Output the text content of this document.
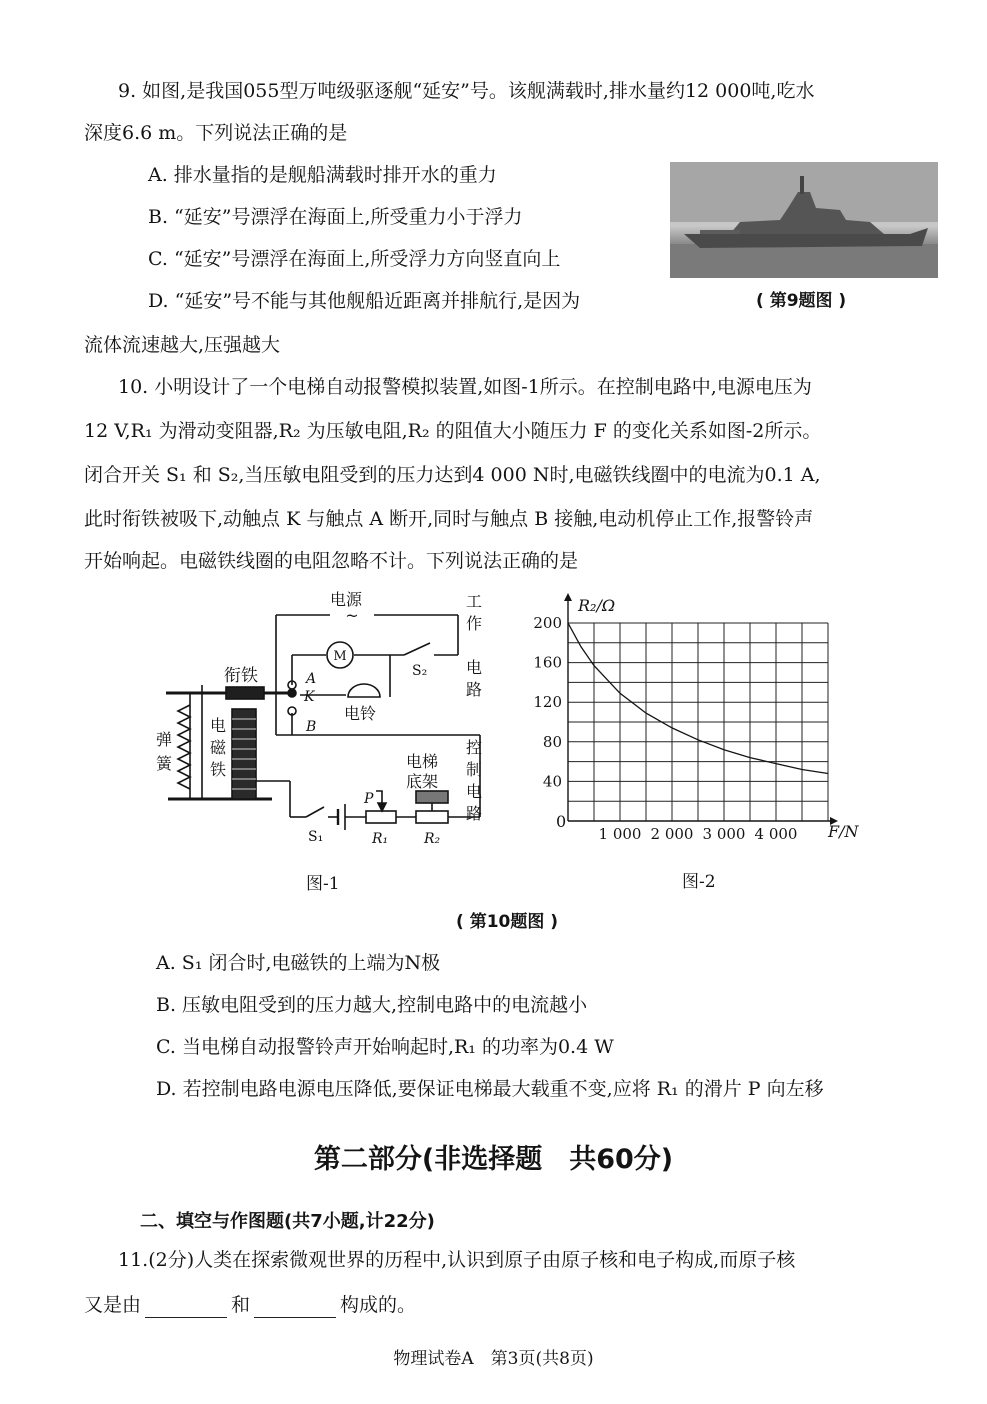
9. 如图,是我国055型万吨级驱逐舰“延安”号。该舰满载时,排水量约12 000吨,吃水
深度6.6 m。下列说法正确的是
A. 排水量指的是舰船满载时排开水的重力
B. “延安”号漂浮在海面上,所受重力小于浮力
C. “延安”号漂浮在海面上,所受浮力方向竖直向上
D. “延安”号不能与其他舰船近距离并排航行,是因为
流体流速越大,压强越大
( 第9题图 )
10. 小明设计了一个电梯自动报警模拟装置,如图-1所示。在控制电路中,电源电压为
12 V,R₁ 为滑动变阻器,R₂ 为压敏电阻,R₂ 的阻值大小随压力 F 的变化关系如图-2所示。
闭合开关 S₁ 和 S₂,当压敏电阻受到的压力达到4 000 N时,电磁铁线圈中的电流为0.1 A,
此时衔铁被吸下,动触点 K 与触点 A 断开,同时与触点 B 接触,电动机停止工作,报警铃声
开始响起。电磁铁线圈的电阻忽略不计。下列说法正确的是
电源
~
M
S₂
衔铁	A
K
B
电铃
弹
簧
电
磁
铁
工
作
电
路
控
制
电
路
电梯
底架
S₁
P
R₁	R₂
图-1
1 000 2 000 3 000 4 000
40
80
120
160
200
R₂/Ω
F/N
0
图-2
( 第10题图 )
A. S₁ 闭合时,电磁铁的上端为N极
B. 压敏电阻受到的压力越大,控制电路中的电流越小
C. 当电梯自动报警铃声开始响起时,R₁ 的功率为0.4 W
D. 若控制电路电源电压降低,要保证电梯最大载重不变,应将 R₁ 的滑片 P 向左移
第二部分(非选择题　共60分)
二、填空与作图题(共7小题,计22分)
11.(2分)人类在探索微观世界的历程中,认识到原子由原子核和电子构成,而原子核
又是由	和	构成的。
物理试卷A　第3页(共8页)
